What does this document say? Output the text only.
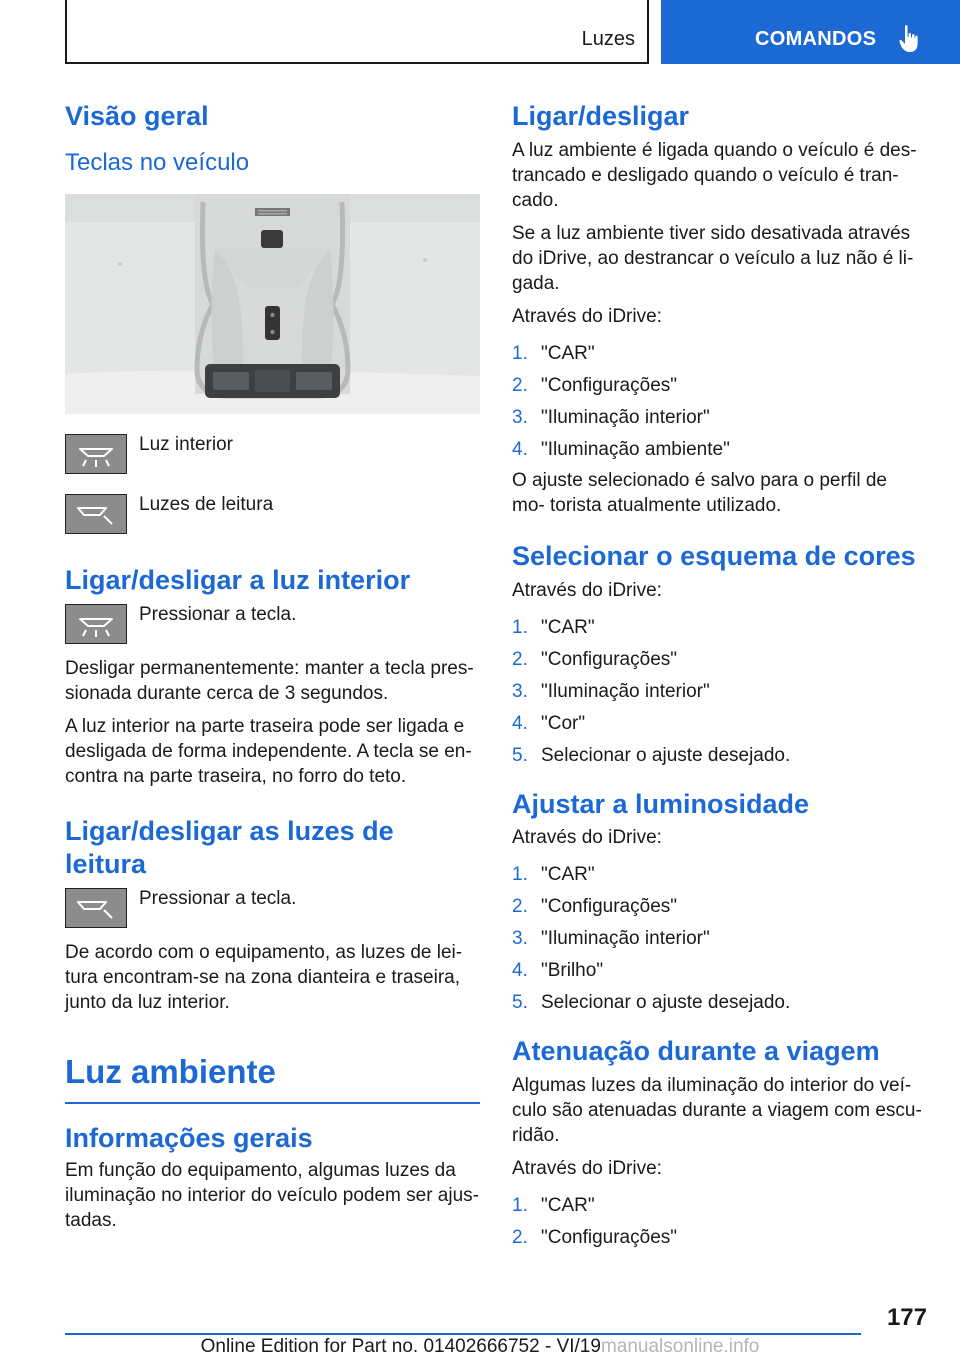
Luzes	COMANDOS
Visão geral
Teclas no veículo

Luz interior

Luzes de leitura

Ligar/desligar a luz interior

Pressionar a tecla.

Desligar permanentemente: manter a tecla pres- sionada durante cerca de 3 segundos.

A luz interior na parte traseira pode ser ligada e desligada de forma independente. A tecla se en- contra na parte traseira, no forro do teto.

Ligar/desligar as luzes de leitura

Pressionar a tecla.

De acordo com o equipamento, as luzes de lei- tura encontram-se na zona dianteira e traseira, junto da luz interior.

Luz ambiente
Informações gerais

Em função do equipamento, algumas luzes da iluminação no interior do veículo podem ser ajus- tadas.

Ligar/desligar

A luz ambiente é ligada quando o veículo é des- trancado e desligado quando o veículo é tran- cado.

Se a luz ambiente tiver sido desativada através do iDrive, ao destrancar o veículo a luz não é li- gada.

Através do iDrive:

1. "CAR"
2. "Configurações"
3. "Iluminação interior"
4. "Iluminação ambiente"

O ajuste selecionado é salvo para o perfil de mo- torista atualmente utilizado.

Selecionar o esquema de cores

Através do iDrive:

1. "CAR"
2. "Configurações"
3. "Iluminação interior"
4. "Cor"
5. Selecionar o ajuste desejado.
Ajustar a luminosidade

Através do iDrive:

1. "CAR"
2. "Configurações"
3. "Iluminação interior"
4. "Brilho"
5. Selecionar o ajuste desejado.
Atenuação durante a viagem

Algumas luzes da iluminação do interior do veí- culo são atenuadas durante a viagem com escu- ridão.

Através do iDrive:

1. "CAR"
2. "Configurações"
177
Online Edition for Part no. 01402666752 - VI/19manualsonline.info
